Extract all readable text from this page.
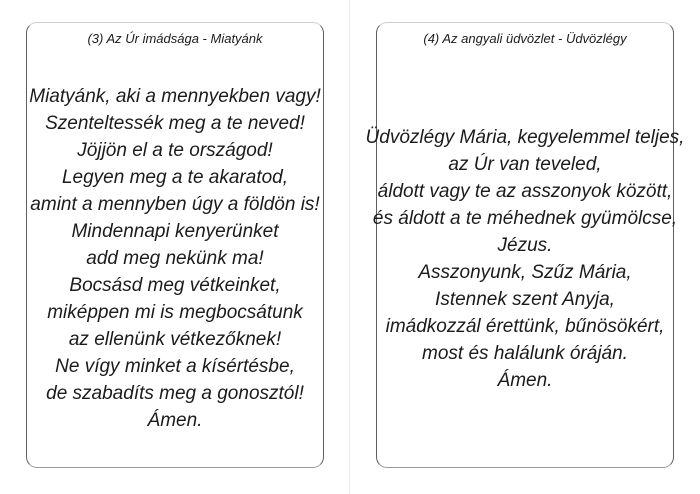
(3) Az Úr imádsága - Miatyánk
Miatyánk, aki a mennyekben vagy!
Szenteltessék meg a te neved!
Jöjjön el a te országod!
Legyen meg a te akaratod,
amint a mennyben úgy a földön is!
Mindennapi kenyerünket
add meg nekünk ma!
Bocsásd meg vétkeinket,
miképpen mi is megbocsátunk
az ellenünk vétkezőknek!
Ne vígy minket a kísértésbe,
de szabadíts meg a gonosztól!
Ámen.
(4) Az angyali üdvözlet - Üdvözlégy
Üdvözlégy Mária, kegyelemmel teljes,
az Úr van teveled,
áldott vagy te az asszonyok között,
és áldott a te méhednek gyümölcse,
Jézus.
Asszonyunk, Szűz Mária,
Istennek szent Anyja,
imádkozzál érettünk, bűnösökért,
most és halálunk óráján.
Ámen.
